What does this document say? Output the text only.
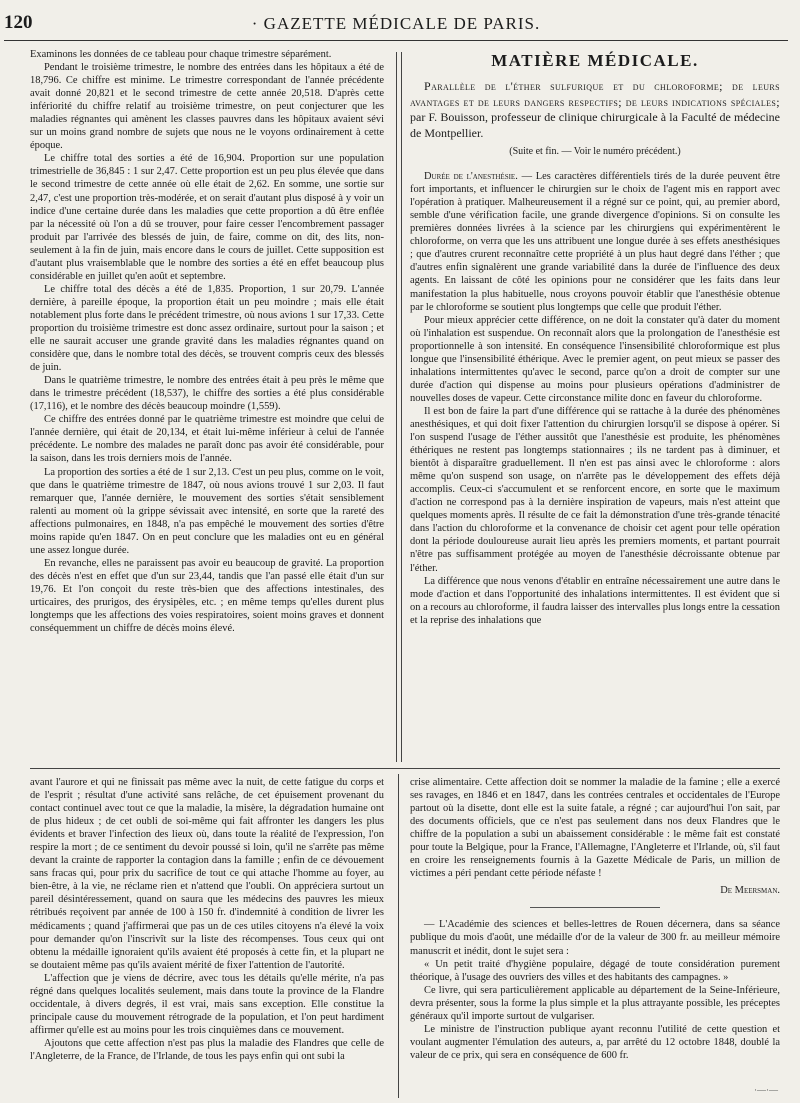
120	· GAZETTE MÉDICALE DE PARIS.

Examinons les données de ce tableau pour chaque trimestre séparément.

Pendant le troisième trimestre, le nombre des entrées dans les hôpitaux a été de 18,796. Ce chiffre est minime. Le trimestre correspondant de l'année précédente avait donné 20,821 et le second trimestre de cette année 20,518. D'après cette infériorité du chiffre relatif au troisième trimestre, on peut conjecturer que les maladies régnantes qui amènent les classes pauvres dans les hôpitaux avaient sévi sur un moins grand nombre de sujets que nous ne le voyons ordinairement à cette époque.

Le chiffre total des sorties a été de 16,904. Proportion sur une population trimestrielle de 36,845 : 1 sur 2,47. Cette proportion est un peu plus élevée que dans le second trimestre de cette année où elle était de 2,62. En somme, une sortie sur 2,47, c'est une proportion très-modérée, et on serait d'autant plus disposé à y voir un indice d'une certaine durée dans les maladies que cette proportion a dû être enflée par la nécessité où l'on a dû se trouver, pour faire cesser l'encombrement passager produit par l'arrivée des blessés de juin, de faire, comme on dit, des lits, non-seulement à la fin de juin, mais encore dans le cours de juillet. Cette supposition est d'autant plus vraisemblable que le nombre des sorties a été en effet beaucoup plus considérable en juillet qu'en août et septembre.

Le chiffre total des décès a été de 1,835. Proportion, 1 sur 20,79. L'année dernière, à pareille époque, la proportion était un peu moindre ; mais elle était notablement plus forte dans le précédent trimestre, où nous avions 1 sur 17,33. Cette proportion du troisième trimestre est donc assez ordinaire, surtout pour la saison ; et elle ne saurait accuser une grande gravité dans les maladies régnantes quand on considère que, dans le nombre total des décès, se trouvent compris ceux des blessés de juin.

Dans le quatrième trimestre, le nombre des entrées était à peu près le même que dans le trimestre précédent (18,537), le chiffre des sorties a été plus considérable (17,116), et le nombre des décès beaucoup moindre (1,559).

Ce chiffre des entrées donné par le quatrième trimestre est moindre que celui de l'année dernière, qui était de 20,134, et était lui-même inférieur à celui de l'année précédente. Le nombre des malades ne paraît donc pas avoir été considérable, pour la saison, dans les trois derniers mois de l'année.

La proportion des sorties a été de 1 sur 2,13. C'est un peu plus, comme on le voit, que dans le quatrième trimestre de 1847, où nous avions trouvé 1 sur 2,03. Il faut remarquer que, l'année dernière, le mouvement des sorties s'était sensiblement ralenti au moment où la grippe sévissait avec intensité, en sorte que la rareté des affections pulmonaires, en 1848, n'a pas empêché le mouvement des sorties d'être moins rapide qu'en 1847. On en peut conclure que les maladies ont eu en général une assez longue durée.

En revanche, elles ne paraissent pas avoir eu beaucoup de gravité. La proportion des décès n'est en effet que d'un sur 23,44, tandis que l'an passé elle était d'un sur 19,76. Et l'on conçoit du reste très-bien que des affections intestinales, des urticaires, des prurigos, des érysipèles, etc. ; en même temps qu'elles durent plus longtemps que les affections des voies respiratoires, soient moins graves et donnent conséquemment un chiffre de décès moins élevé.

MATIÈRE MÉDICALE.

Parallèle de l'éther sulfurique et du chloroforme; de leurs avantages et de leurs dangers respectifs; de leurs indications spéciales; par F. Bouisson, professeur de clinique chirurgicale à la Faculté de médecine de Montpellier.

(Suite et fin. — Voir le numéro précédent.)

Durée de l'anesthésie. — Les caractères différentiels tirés de la durée peuvent être fort importants, et influencer le chirurgien sur le choix de l'agent mis en rapport avec l'opération à pratiquer. Malheureusement il a régné sur ce point, qui, au premier abord, semble d'une vérification facile, une grande divergence d'opinions. Si on consulte les premières données livrées à la science par les chirurgiens qui expérimentèrent le chloroforme, on verra que les uns attribuent une longue durée à ses effets anesthésiques ; que d'autres crurent reconnaître cette propriété à un plus haut degré dans l'éther ; que d'autres enfin signalèrent une grande variabilité dans la durée de l'influence des deux agents. En laissant de côté les opinions pour ne considérer que les faits dans leur manifestation la plus habituelle, nous croyons pouvoir établir que l'anesthésie obtenue par le chloroforme se soutient plus longtemps que celle que produit l'éther.

Pour mieux apprécier cette différence, on ne doit la constater qu'à dater du moment où l'inhalation est suspendue. On reconnaît alors que la prolongation de l'anesthésie est proportionnelle à son intensité. En conséquence l'insensibilité chloroformique est plus longue que l'insensibilité éthérique. Avec le premier agent, on peut mieux se passer des inhalations intermittentes qu'avec le second, parce qu'on a droit de compter sur une durée d'action qui dispense au moins pour plusieurs opérations d'administrer de nouvelles doses de vapeur. Cette circonstance milite donc en faveur du chloroforme.

Il est bon de faire la part d'une différence qui se rattache à la durée des phénomènes anesthésiques, et qui doit fixer l'attention du chirurgien lorsqu'il se dispose à opérer. Si l'on suspend l'usage de l'éther aussitôt que l'anesthésie est produite, les phénomènes éthériques ne restent pas longtemps stationnaires ; ils ne tardent pas à diminuer, et bientôt à disparaître graduellement. Il n'en est pas ainsi avec le chloroforme : alors même qu'on suspend son usage, on n'arrête pas le développement des effets déjà accomplis. Ceux-ci s'accumulent et se renforcent encore, en sorte que le maximum d'action ne correspond pas à la dernière inspiration de vapeurs, mais n'est atteint que quelques moments après. Il résulte de ce fait la démonstration d'une très-grande ténacité dans l'action du chloroforme et la convenance de choisir cet agent pour telle opération dont la période douloureuse aurait lieu après les premiers moments, et partant pourrait n'être pas suffisamment protégée au moyen de l'anesthésie décroissante obtenue par l'éther.

La différence que nous venons d'établir en entraîne nécessairement une autre dans le mode d'action et dans l'opportunité des inhalations intermittentes. Il est évident que si on a recours au chloroforme, il faudra laisser des intervalles plus longs entre la cessation et la reprise des inhalations que

avant l'aurore et qui ne finissait pas même avec la nuit, de cette fatigue du corps et de l'esprit ; résultat d'une activité sans relâche, de cet épuisement provenant du contact continuel avec tout ce que la maladie, la misère, la dégradation humaine ont de plus hideux ; de cet oubli de soi-même qui fait affronter les dangers les plus évidents et braver l'infection des lieux où, dans toute la réalité de l'expression, l'on respire la mort ; de ce sentiment du devoir poussé si loin, qu'il ne s'arrête pas même devant la crainte de rapporter la contagion dans la famille ; enfin de ce dévouement sans fracas qui, pour prix du sacrifice de tout ce qui attache l'homme au foyer, au bien-être, à la vie, ne réclame rien et n'attend que l'oubli. On appréciera surtout un pareil désintéressement, quand on saura que les médecins des pauvres les mieux rétribués reçoivent par année de 100 à 150 fr. d'indemnité à condition de livrer les médicaments ; quand j'affirmerai que pas un de ces utiles citoyens n'a élevé la voix pour demander qu'on l'inscrivît sur la liste des récompenses. Tous ceux qui ont obtenu la médaille ignoraient qu'ils avaient été proposés à cette fin, et la plupart ne se doutaient même pas qu'ils avaient mérité de fixer l'attention de l'autorité.

L'affection que je viens de décrire, avec tous les détails qu'elle mérite, n'a pas régné dans quelques localités seulement, mais dans toute la province de la Flandre occidentale, à divers degrés, il est vrai, mais sans exception. Elle constitue la principale cause du mouvement rétrograde de la population, et l'on peut hardiment affirmer qu'elle est au moins pour les trois cinquièmes dans ce mouvement.

Ajoutons que cette affection n'est pas plus la maladie des Flandres que celle de l'Angleterre, de la France, de l'Irlande, de tous les pays enfin qui ont subi la

crise alimentaire. Cette affection doit se nommer la maladie de la famine ; elle a exercé ses ravages, en 1846 et en 1847, dans les contrées centrales et occidentales de l'Europe partout où la disette, dont elle est la suite fatale, a régné ; car aujourd'hui l'on sait, par des documents officiels, que ce n'est pas seulement dans nos deux Flandres que le chiffre de la population a subi un abaissement considérable : le même fait est constaté pour toute la Belgique, pour la France, l'Allemagne, l'Angleterre et l'Irlande, où, s'il faut en croire les renseignements fournis à la Gazette Médicale de Paris, un million de victimes a péri pendant cette période néfaste !

De Meersman.

— L'Académie des sciences et belles-lettres de Rouen décernera, dans sa séance publique du mois d'août, une médaille d'or de la valeur de 300 fr. au meilleur mémoire manuscrit et inédit, dont le sujet sera :

« Un petit traité d'hygiène populaire, dégagé de toute considération purement théorique, à l'usage des ouvriers des villes et des habitants des campagnes. »

Ce livre, qui sera particulièrement applicable au département de la Seine-Inférieure, devra présenter, sous la forme la plus simple et la plus attrayante possible, les préceptes généraux qu'il importe surtout de vulgariser.

Le ministre de l'instruction publique ayant reconnu l'utilité de cette question et voulant augmenter l'émulation des auteurs, a, par arrêté du 12 octobre 1848, doublé la valeur de ce prix, qui sera en conséquence de 600 fr.

·—·—
